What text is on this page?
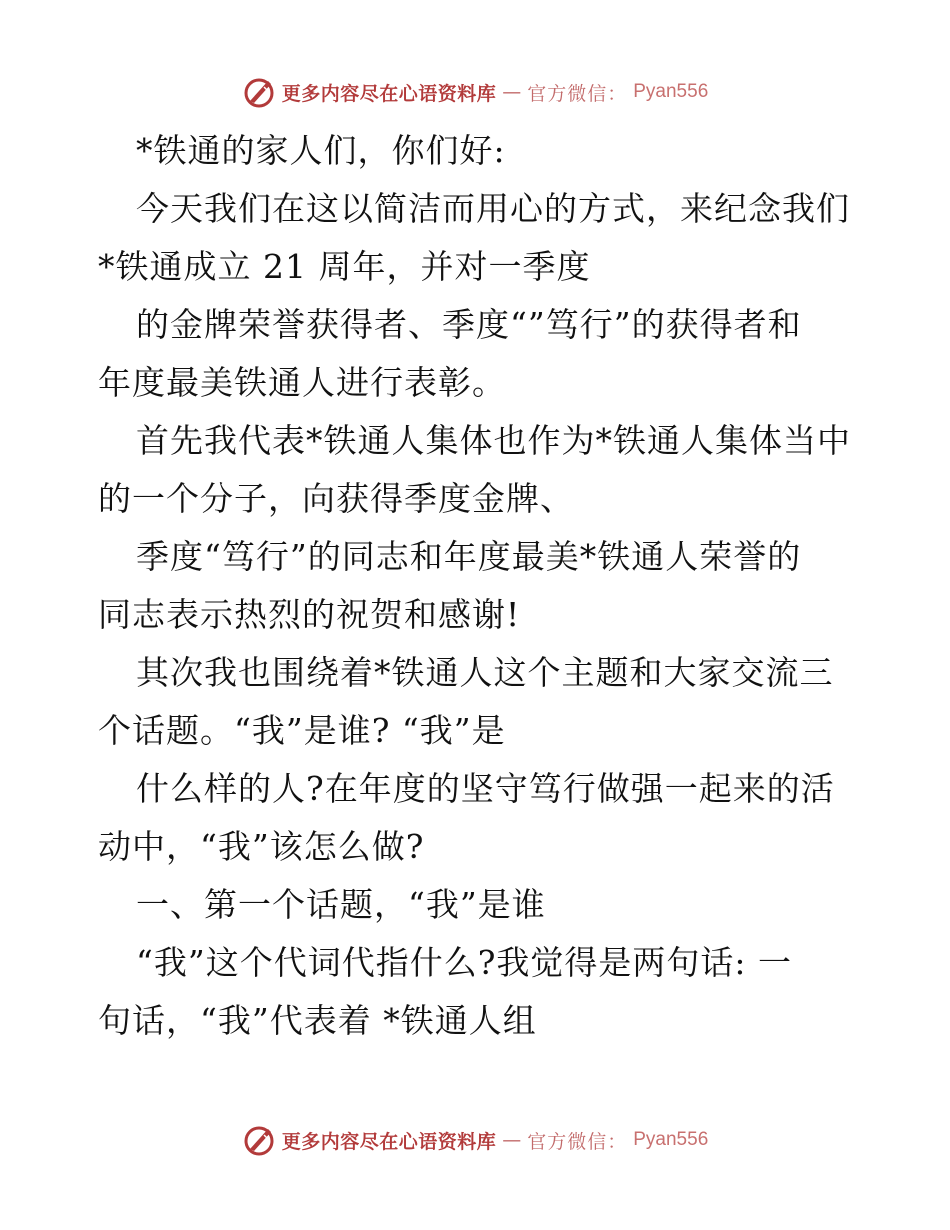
更多内容尽在心语资料库 — 官方微信： Pyan556
*铁通的家人们，你们好:
今天我们在这以简洁而用心的方式，来纪念我们
*铁通成立 21 周年，并对一季度
的金牌荣誉获得者、季度“”笃行”的获得者和
年度最美铁通人进行表彰。
首先我代表*铁通人集体也作为*铁通人集体当中
的一个分子，向获得季度金牌、
季度“笃行”的同志和年度最美*铁通人荣誉的
同志表示热烈的祝贺和感谢!
其次我也围绕着*铁通人这个主题和大家交流三
个话题。“我”是谁? “我”是
什么样的人?在年度的坚守笃行做强一起来的活
动中，“我”该怎么做?
一、第一个话题，“我”是谁
“我”这个代词代指什么?我觉得是两句话: 一
句话，“我”代表着 *铁通人组
更多内容尽在心语资料库 — 官方微信： Pyan556
